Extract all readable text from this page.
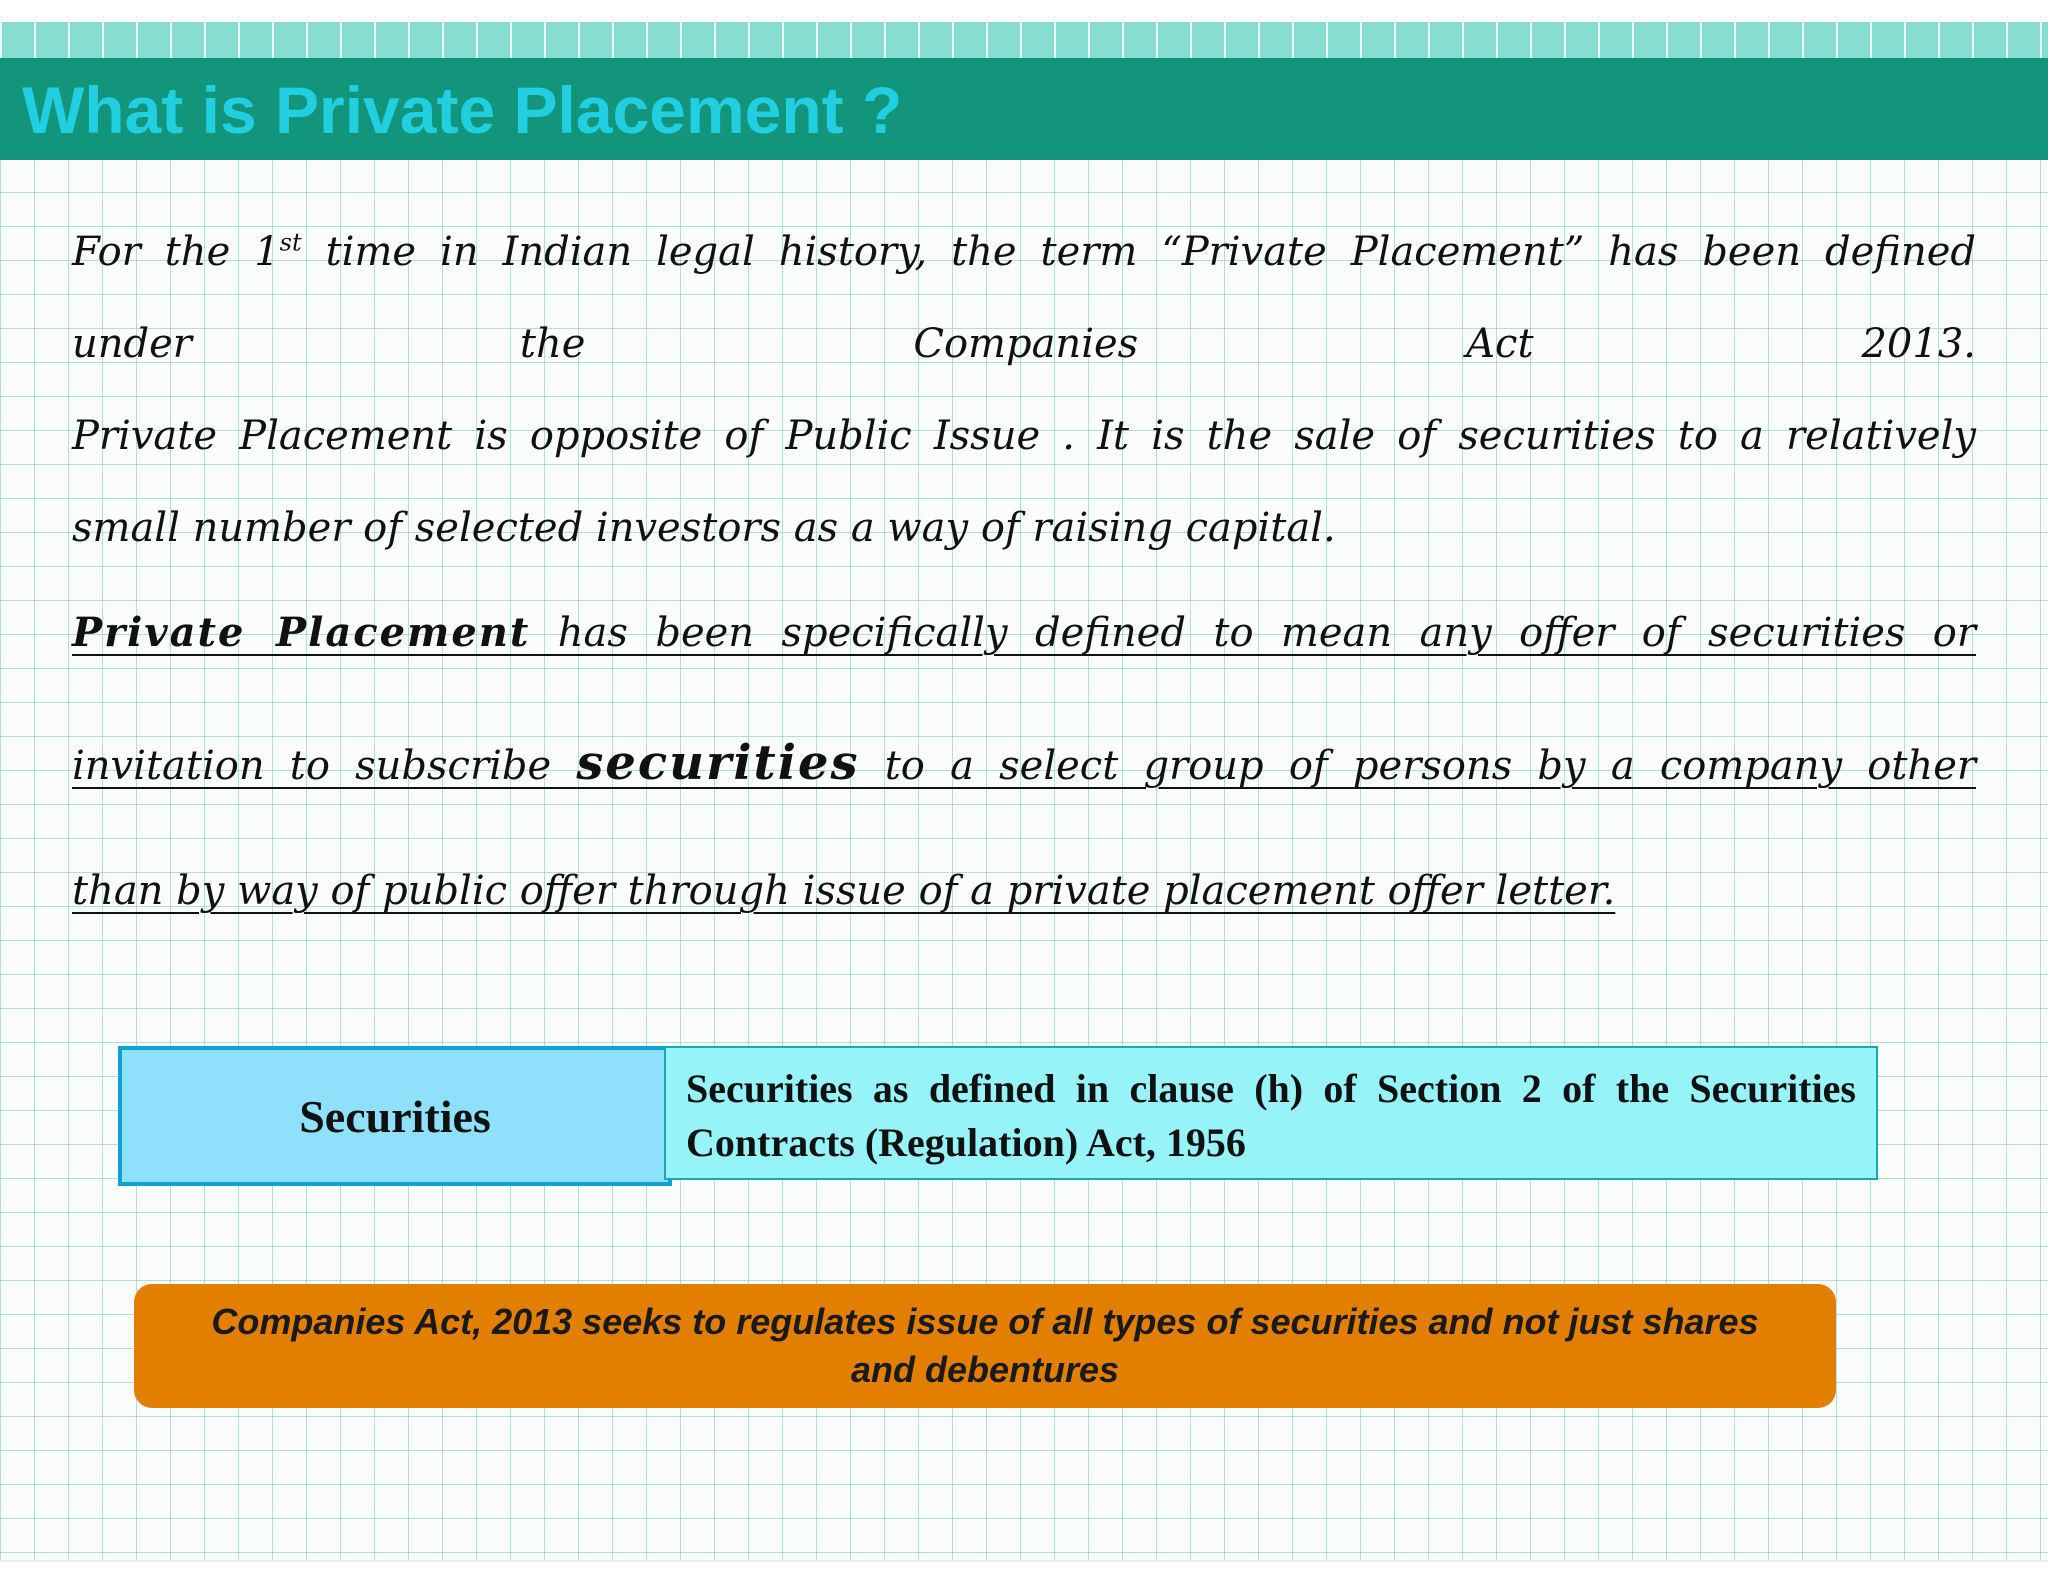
What is Private Placement ?

For the 1st time in Indian legal history, the term “Private Placement” has been defined
under the Companies Act 2013.

Private Placement is opposite of Public Issue . It is the sale of securities to a relatively

small number of selected investors as a way of raising capital.

Private Placement has been specifically defined to mean any offer of securities or

invitation to subscribe securities to a select group of persons by a company other

than by way of public offer through issue of a private placement offer letter.

Securities

Securities as defined in clause (h) of Section 2 of the Securities Contracts (Regulation) Act, 1956

Companies Act, 2013 seeks to regulates issue of all types of securities and not just shares and debentures
